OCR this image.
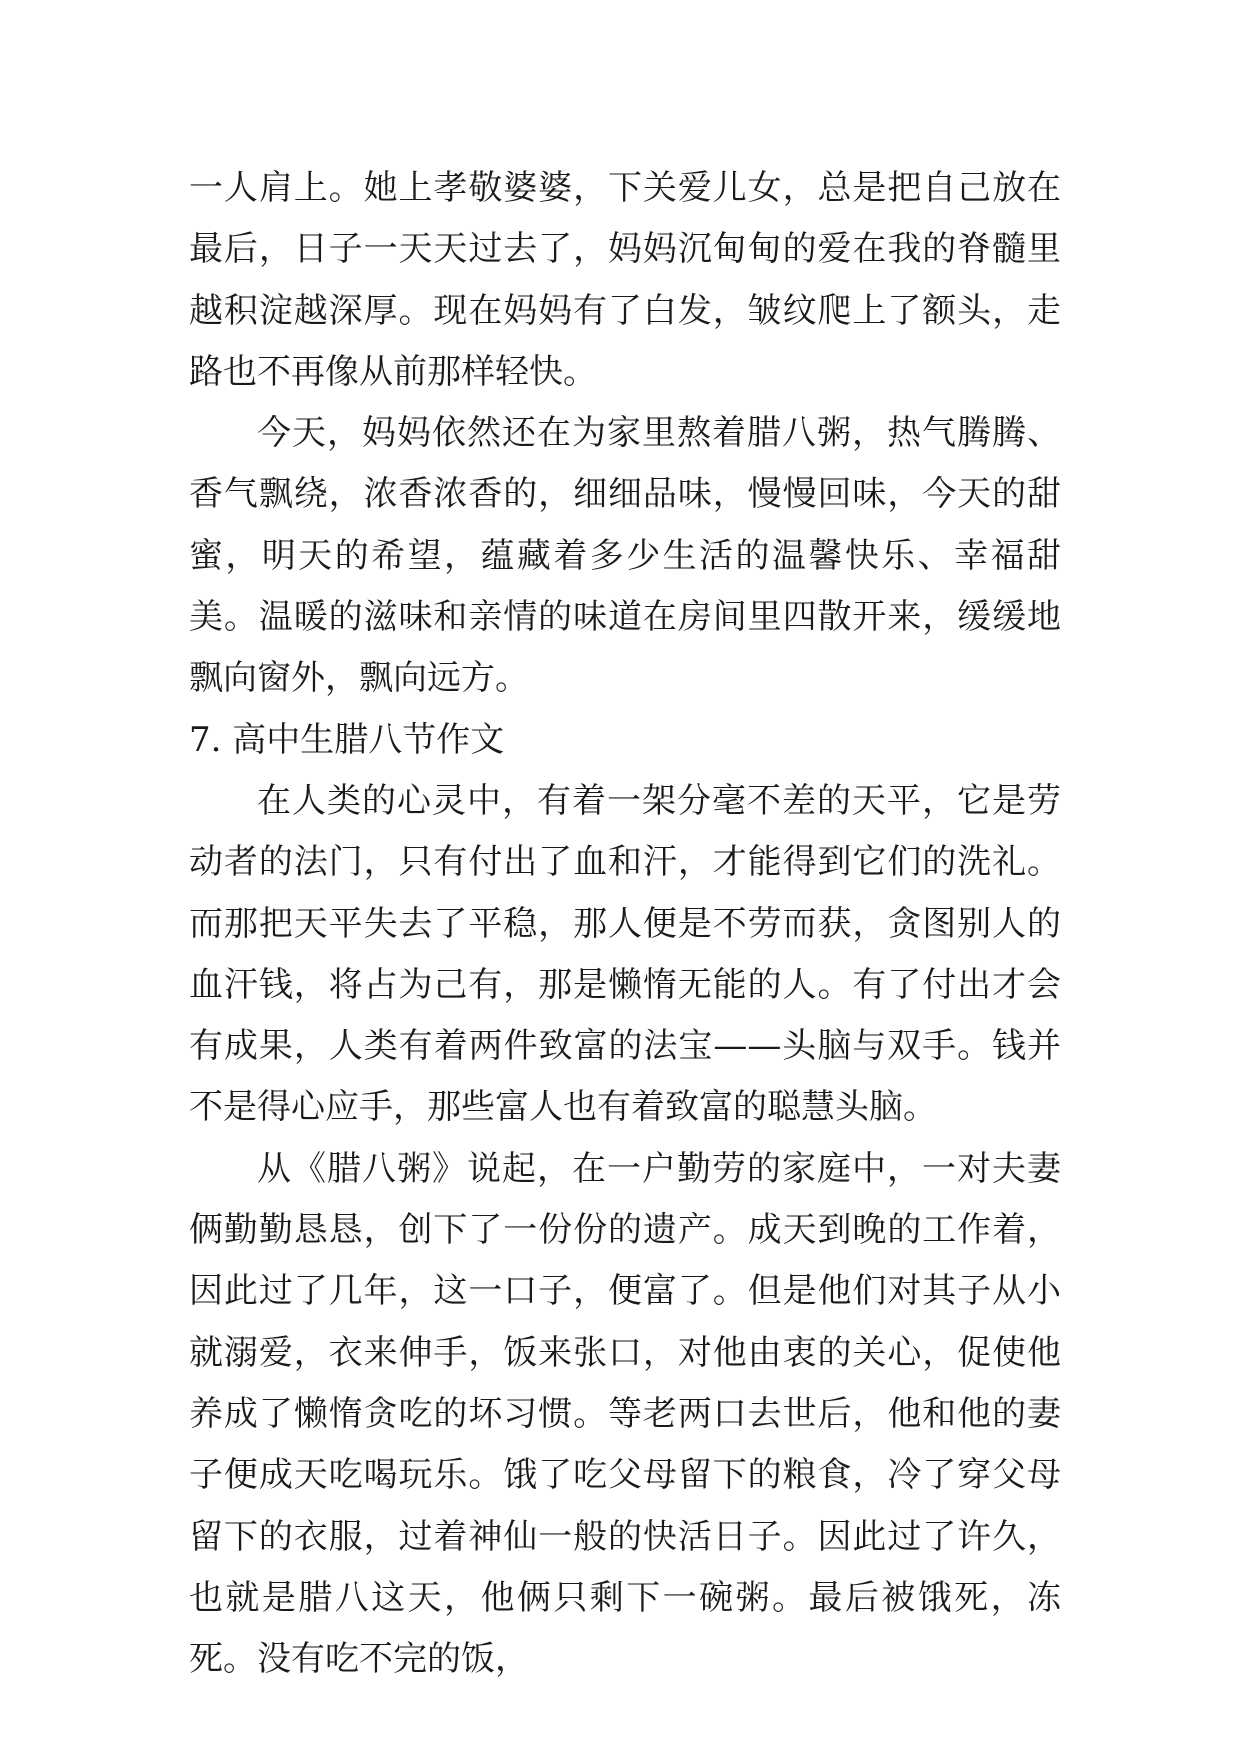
一人肩上。她上孝敬婆婆，下关爱儿女，总是把自己放在最后，日子一天天过去了，妈妈沉甸甸的爱在我的脊髓里越积淀越深厚。现在妈妈有了白发，皱纹爬上了额头，走路也不再像从前那样轻快。

今天，妈妈依然还在为家里熬着腊八粥，热气腾腾、香气飘绕，浓香浓香的，细细品味，慢慢回味，今天的甜蜜，明天的希望，蕴藏着多少生活的温馨快乐、幸福甜美。温暖的滋味和亲情的味道在房间里四散开来，缓缓地飘向窗外，飘向远方。

7. 高中生腊八节作文

在人类的心灵中，有着一架分毫不差的天平，它是劳动者的法门，只有付出了血和汗，才能得到它们的洗礼。而那把天平失去了平稳，那人便是不劳而获，贪图别人的血汗钱，将占为己有，那是懒惰无能的人。有了付出才会有成果，人类有着两件致富的法宝——头脑与双手。钱并不是得心应手，那些富人也有着致富的聪慧头脑。

从《腊八粥》说起，在一户勤劳的家庭中，一对夫妻俩勤勤恳恳，创下了一份份的遗产。成天到晚的工作着，因此过了几年，这一口子，便富了。但是他们对其子从小就溺爱，衣来伸手，饭来张口，对他由衷的关心，促使他养成了懒惰贪吃的坏习惯。等老两口去世后，他和他的妻子便成天吃喝玩乐。饿了吃父母留下的粮食，冷了穿父母留下的衣服，过着神仙一般的快活日子。因此过了许久，也就是腊八这天，他俩只剩下一碗粥。最后被饿死，冻死。没有吃不完的饭，
